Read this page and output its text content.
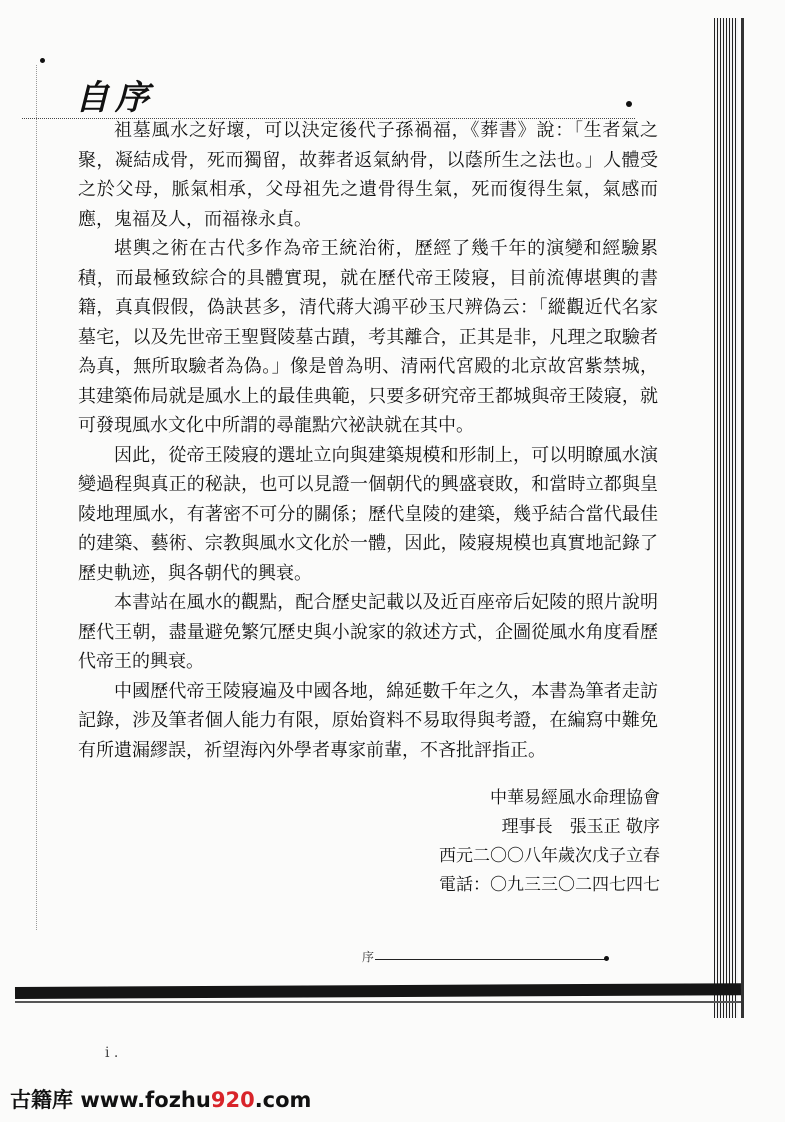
自序

祖墓風水之好壞，可以決定後代子孫禍福，《葬書》說：「生者氣之聚，凝結成骨，死而獨留，故葬者返氣納骨，以蔭所生之法也。」人體受之於父母，脈氣相承，父母祖先之遺骨得生氣，死而復得生氣，氣感而應，鬼福及人，而福祿永貞。

堪輿之術在古代多作為帝王統治術，歷經了幾千年的演變和經驗累積，而最極致綜合的具體實現，就在歷代帝王陵寢，目前流傳堪輿的書籍，真真假假，偽訣甚多，清代蔣大鴻平砂玉尺辨偽云：「縱觀近代名家墓宅，以及先世帝王聖賢陵墓古蹟，考其離合，正其是非，凡理之取驗者為真，無所取驗者為偽。」像是曾為明、清兩代宮殿的北京故宮紫禁城，其建築佈局就是風水上的最佳典範，只要多研究帝王都城與帝王陵寢，就可發現風水文化中所謂的尋龍點穴祕訣就在其中。

因此，從帝王陵寢的選址立向與建築規模和形制上，可以明瞭風水演變過程與真正的秘訣，也可以見證一個朝代的興盛衰敗，和當時立都與皇陵地理風水，有著密不可分的關係；歷代皇陵的建築，幾乎結合當代最佳的建築、藝術、宗教與風水文化於一體，因此，陵寢規模也真實地記錄了歷史軌迹，與各朝代的興衰。

本書站在風水的觀點，配合歷史記載以及近百座帝后妃陵的照片說明歷代王朝，盡量避免繁冗歷史與小說家的敘述方式，企圖從風水角度看歷代帝王的興衰。

中國歷代帝王陵寢遍及中國各地，綿延數千年之久，本書為筆者走訪記錄，涉及筆者個人能力有限，原始資料不易取得與考證，在編寫中難免有所遺漏繆誤，祈望海內外學者專家前輩，不吝批評指正。

中華易經風水命理協會
理事長　張玉正 敬序
西元二〇〇八年歲次戊子立春
電話：〇九三三〇二四七四七
序
i .
古籍库 www.fozhu920.com
